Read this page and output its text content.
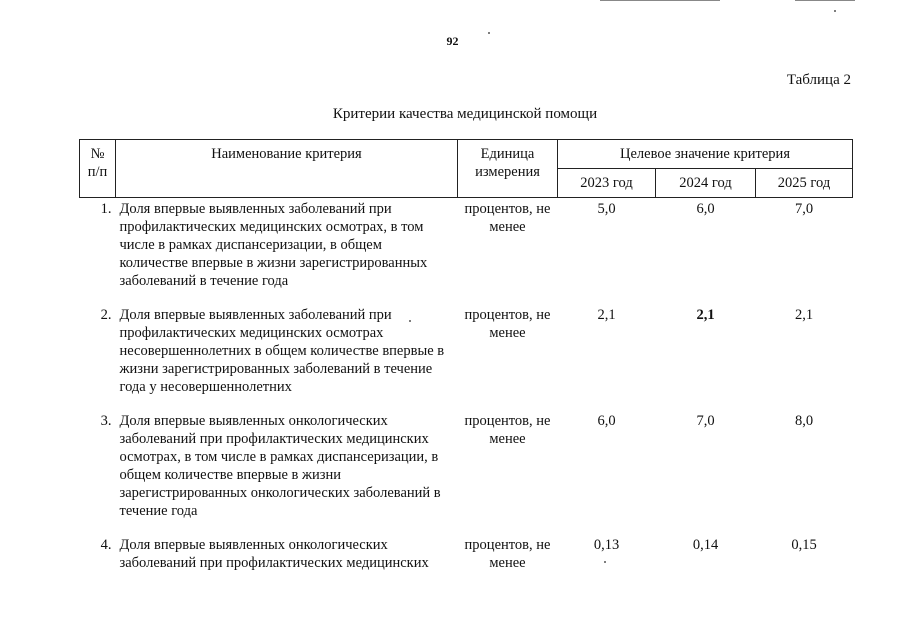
92
Таблица 2
Критерии качества медицинской помощи
№ п/п	Наименование критерия	Единица измерения	Целевое значение критерия		
			2023 год	2024 год	2025 год
1.	Доля впервые выявленных заболеваний при профилактических медицинских осмотрах, в том числе в рамках диспансеризации, в общем количестве впервые в жизни зарегистрированных заболеваний в течение года	процентов, не менее	5,0	6,0	7,0
2.	Доля впервые выявленных заболеваний при профилактических медицинских осмотрах несовершеннолетних в общем количестве впервые в жизни зарегистрированных заболеваний в течение года у несовершеннолетних	процентов, не менее	2,1	2,1	2,1
3.	Доля впервые выявленных онкологических заболеваний при профилактических медицинских осмотрах, в том числе в рамках диспансеризации, в общем количестве впервые в жизни зарегистрированных онкологических заболеваний в течение года	процентов, не менее	6,0	7,0	8,0
4.	Доля впервые выявленных онкологических заболеваний при профилактических медицинских	процентов, не менее	0,13	0,14	0,15
